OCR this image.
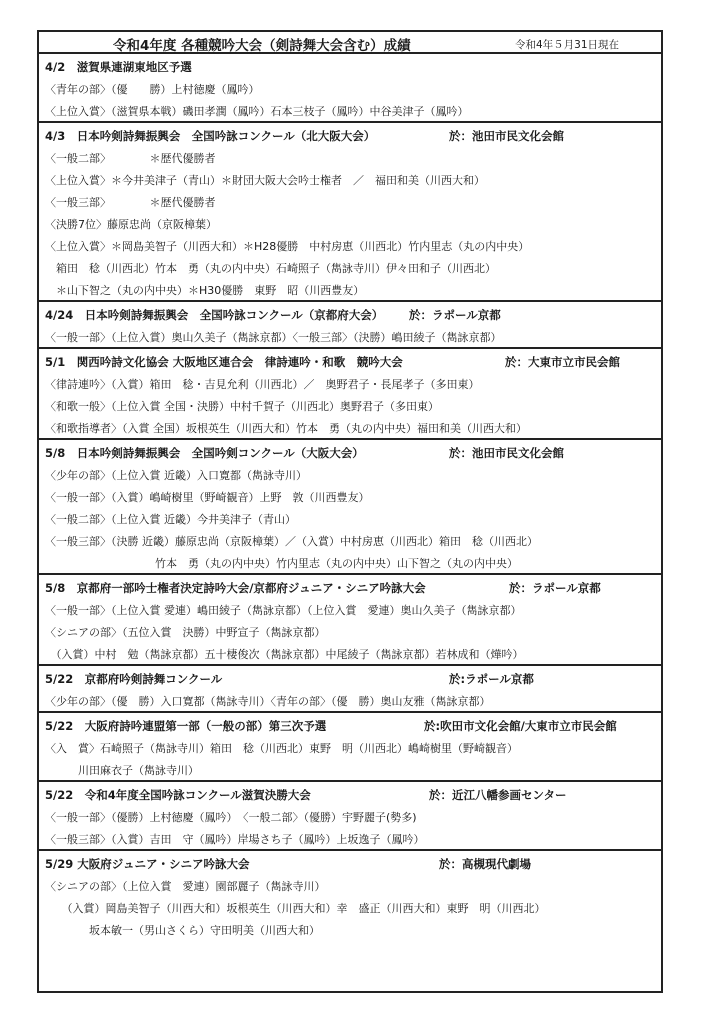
令和4年度 各種競吟大会（剣詩舞大会含む）成績	令和4年５月31日現在
4/2　滋賀県連湖東地区予選
〈青年の部〉（優　　勝）上村徳慶（鳳吟）
〈上位入賞〉（滋賀県本戦）磯田孝潤（鳳吟）石本三枝子（鳳吟）中谷美津子（鳳吟）
4/3　日本吟剣詩舞振興会　全国吟詠コンクール（北大阪大会）	於：池田市民文化会館
〈一般二部〉　　　　＊歴代優勝者
〈上位入賞〉＊今井美津子（青山）＊財団大阪大会吟士権者　／　福田和美（川西大和）
〈一般三部〉　　　　＊歴代優勝者
〈決勝7位〉藤原忠尚（京阪樟葉）
〈上位入賞〉＊岡島美智子（川西大和）＊H28優勝　中村房恵（川西北）竹内里志（丸の内中央）
　箱田　稔（川西北）竹本　勇（丸の内中央）石崎照子（雋詠寺川）伊々田和子（川西北）
　＊山下智之（丸の内中央）＊H30優勝　東野　昭（川西豊友）
4/24　日本吟剣詩舞振興会　全国吟詠コンクール（京都府大会） 於：ラポール京都
〈一般一部〉（上位入賞）奥山久美子（雋詠京都）〈一般三部〉（決勝）嶋田綾子（雋詠京都）
5/1　関西吟詩文化協会 大阪地区連合会　律詩連吟・和歌　競吟大会	於：大東市立市民会館
〈律詩連吟〉（入賞）箱田　稔・吉見允利（川西北）／　奥野君子・長尾孝子（多田東）
〈和歌一般〉（上位入賞 全国・決勝）中村千賀子（川西北）奥野君子（多田東）
〈和歌指導者〉（入賞 全国）坂根英生（川西大和）竹本　勇（丸の内中央）福田和美（川西大和）
5/8　日本吟剣詩舞振興会　全国吟剣コンクール（大阪大会）	於：池田市民文化会館
〈少年の部〉（上位入賞 近畿）入口寛都（雋詠寺川）
〈一般一部〉（入賞）嶋崎樹里（野崎観音）上野　敦（川西豊友）
〈一般二部〉（上位入賞 近畿）今井美津子（青山）
〈一般三部〉（決勝 近畿）藤原忠尚（京阪樟葉）／（入賞）中村房恵（川西北）箱田　稔（川西北）
　　　　　　　　　　竹本　勇（丸の内中央）竹内里志（丸の内中央）山下智之（丸の内中央）
5/8　京都府一部吟士権者決定詩吟大会/京都府ジュニア・シニア吟詠大会	於：ラポール京都
〈一般一部〉（上位入賞 愛連）嶋田綾子（雋詠京都）（上位入賞　愛連）奥山久美子（雋詠京都）
〈シニアの部〉（五位入賞　決勝）中野宣子（雋詠京都）
　（入賞）中村　勉（雋詠京都）五十棲俊次（雋詠京都）中尾綾子（雋詠京都）若林成和（燁吟）
5/22　京都府吟剣詩舞コンクール	於:ラポール京都
〈少年の部〉（優　勝）入口寛都（雋詠寺川）〈青年の部〉（優　勝）奥山友雅（雋詠京都）
5/22　大阪府詩吟連盟第一部（一般の部）第三次予選	於:吹田市文化会館/大東市立市民会館
〈入　賞〉石崎照子（雋詠寺川）箱田　稔（川西北）東野　明（川西北）嶋崎樹里（野崎観音）
　　　川田麻衣子（雋詠寺川）
5/22　令和4年度全国吟詠コンクール滋賀決勝大会	於：近江八幡参画センター
〈一般一部〉（優勝）上村徳慶（鳳吟）　〈一般二部〉（優勝）宇野麗子(勢多)
〈一般三部〉（入賞）吉田　守（鳳吟）岸場さち子（鳳吟）上坂逸子（鳳吟）
5/29 大阪府ジュニア・シニア吟詠大会	於：高槻現代劇場
〈シニアの部〉（上位入賞　愛連）園部麗子（雋詠寺川）
　　（入賞）岡島美智子（川西大和）坂根英生（川西大和）幸　盛正（川西大和）東野　明（川西北）
　　　　坂本敏一（男山さくら）守田明美（川西大和）
